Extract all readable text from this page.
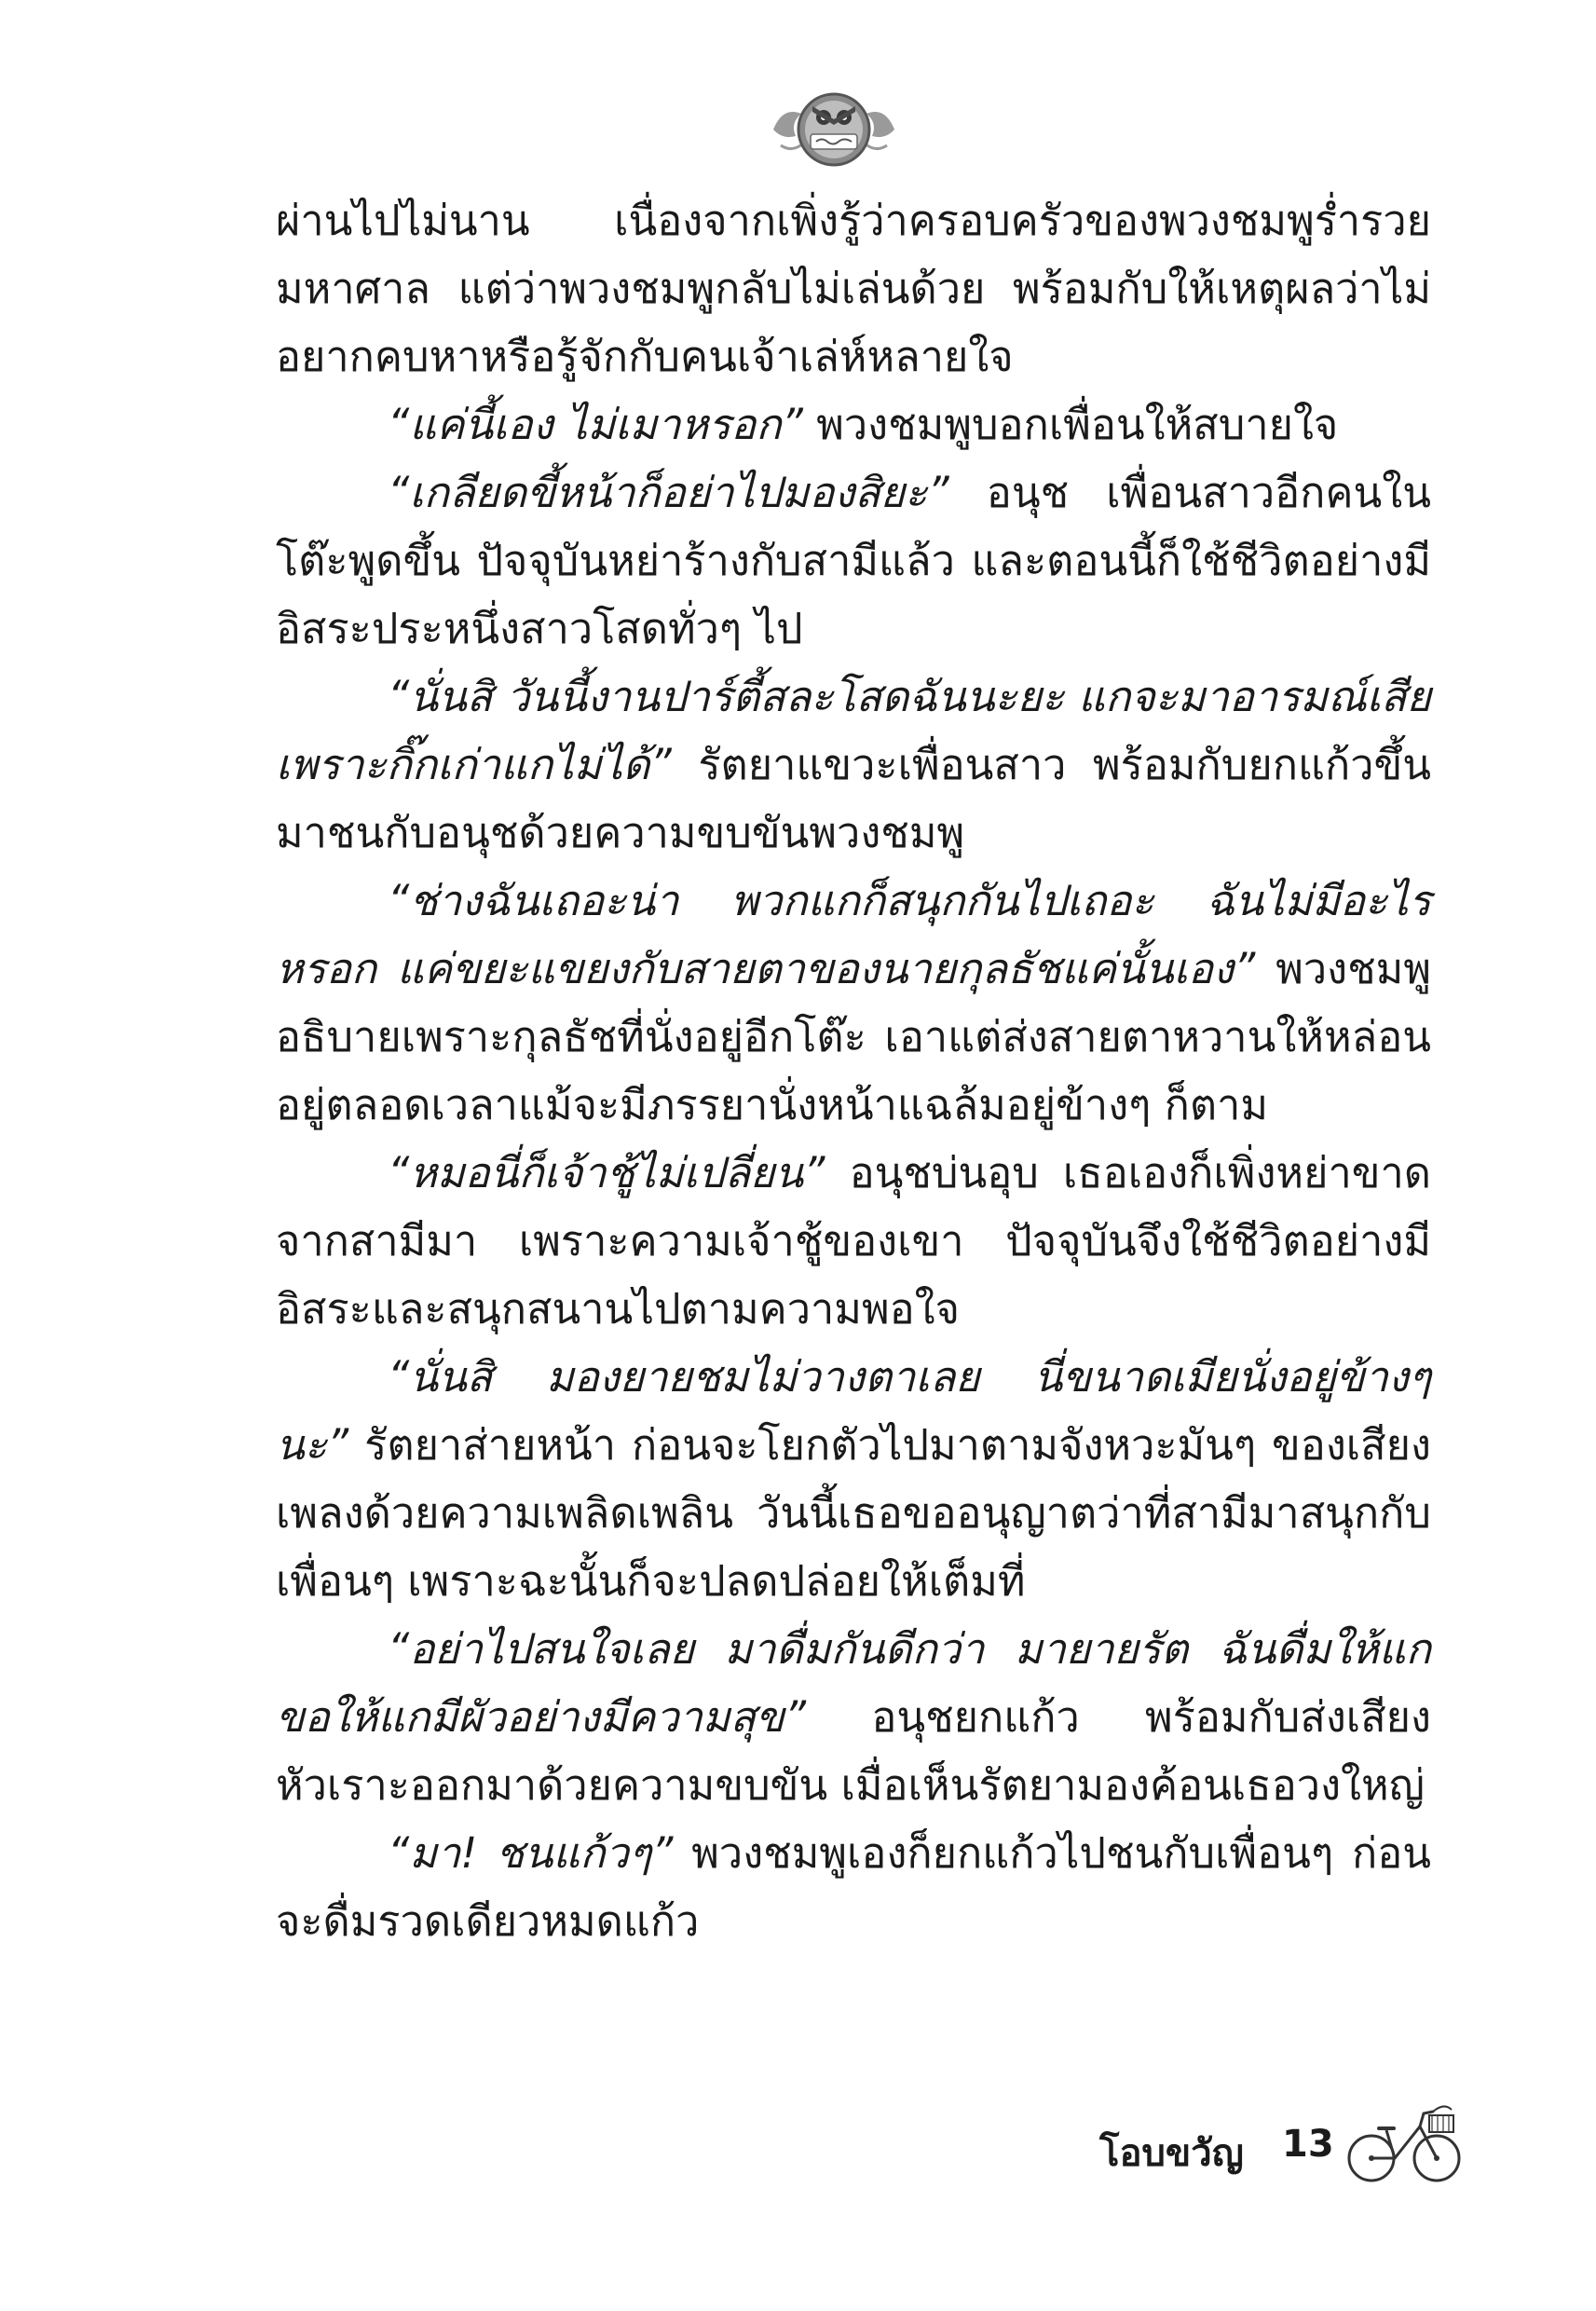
ผ่านไปไม่นาน เนื่องจากเพิ่งรู้ว่าครอบครัวของพวงชมพูร่ำรวยมหาศาล แต่ว่าพวงชมพูกลับไม่เล่นด้วย พร้อมกับให้เหตุผลว่าไม่อยากคบหาหรือรู้จักกับคนเจ้าเล่ห์หลายใจ

“แค่นี้เอง ไม่เมาหรอก” พวงชมพูบอกเพื่อนให้สบายใจ

“เกลียดขี้หน้าก็อย่าไปมองสิยะ” อนุช เพื่อนสาวอีกคนในโต๊ะพูดขึ้น ปัจจุบันหย่าร้างกับสามีแล้ว และตอนนี้ก็ใช้ชีวิตอย่างมีอิสระประหนึ่งสาวโสดทั่วๆ ไป

“นั่นสิ วันนี้งานปาร์ตี้สละโสดฉันนะยะ แกจะมาอารมณ์เสียเพราะกิ๊กเก่าแกไม่ได้” รัตยาแขวะเพื่อนสาว พร้อมกับยกแก้วขึ้นมาชนกับอนุชด้วยความขบขันพวงชมพู

“ช่างฉันเถอะน่า พวกแกก็สนุกกันไปเถอะ ฉันไม่มีอะไรหรอก แค่ขยะแขยงกับสายตาของนายกุลธัชแค่นั้นเอง” พวงชมพูอธิบายเพราะกุลธัชที่นั่งอยู่อีกโต๊ะ เอาแต่ส่งสายตาหวานให้หล่อนอยู่ตลอดเวลาแม้จะมีภรรยานั่งหน้าแฉล้มอยู่ข้างๆ ก็ตาม

“หมอนี่ก็เจ้าชู้ไม่เปลี่ยน” อนุชบ่นอุบ เธอเองก็เพิ่งหย่าขาดจากสามีมา เพราะความเจ้าชู้ของเขา ปัจจุบันจึงใช้ชีวิตอย่างมีอิสระและสนุกสนานไปตามความพอใจ

“นั่นสิ มองยายชมไม่วางตาเลย นี่ขนาดเมียนั่งอยู่ข้างๆ นะ” รัตยาส่ายหน้า ก่อนจะโยกตัวไปมาตามจังหวะมันๆ ของเสียงเพลงด้วยความเพลิดเพลิน วันนี้เธอขออนุญาตว่าที่สามีมาสนุกกับเพื่อนๆ เพราะฉะนั้นก็จะปลดปล่อยให้เต็มที่

“อย่าไปสนใจเลย มาดื่มกันดีกว่า มายายรัต ฉันดื่มให้แกขอให้แกมีผัวอย่างมีความสุข” อนุชยกแก้ว พร้อมกับส่งเสียงหัวเราะออกมาด้วยความขบขัน เมื่อเห็นรัตยามองค้อนเธอวงใหญ่

“มา! ชนแก้วๆ” พวงชมพูเองก็ยกแก้วไปชนกับเพื่อนๆ ก่อนจะดื่มรวดเดียวหมดแก้ว

โอบขวัญ 13
